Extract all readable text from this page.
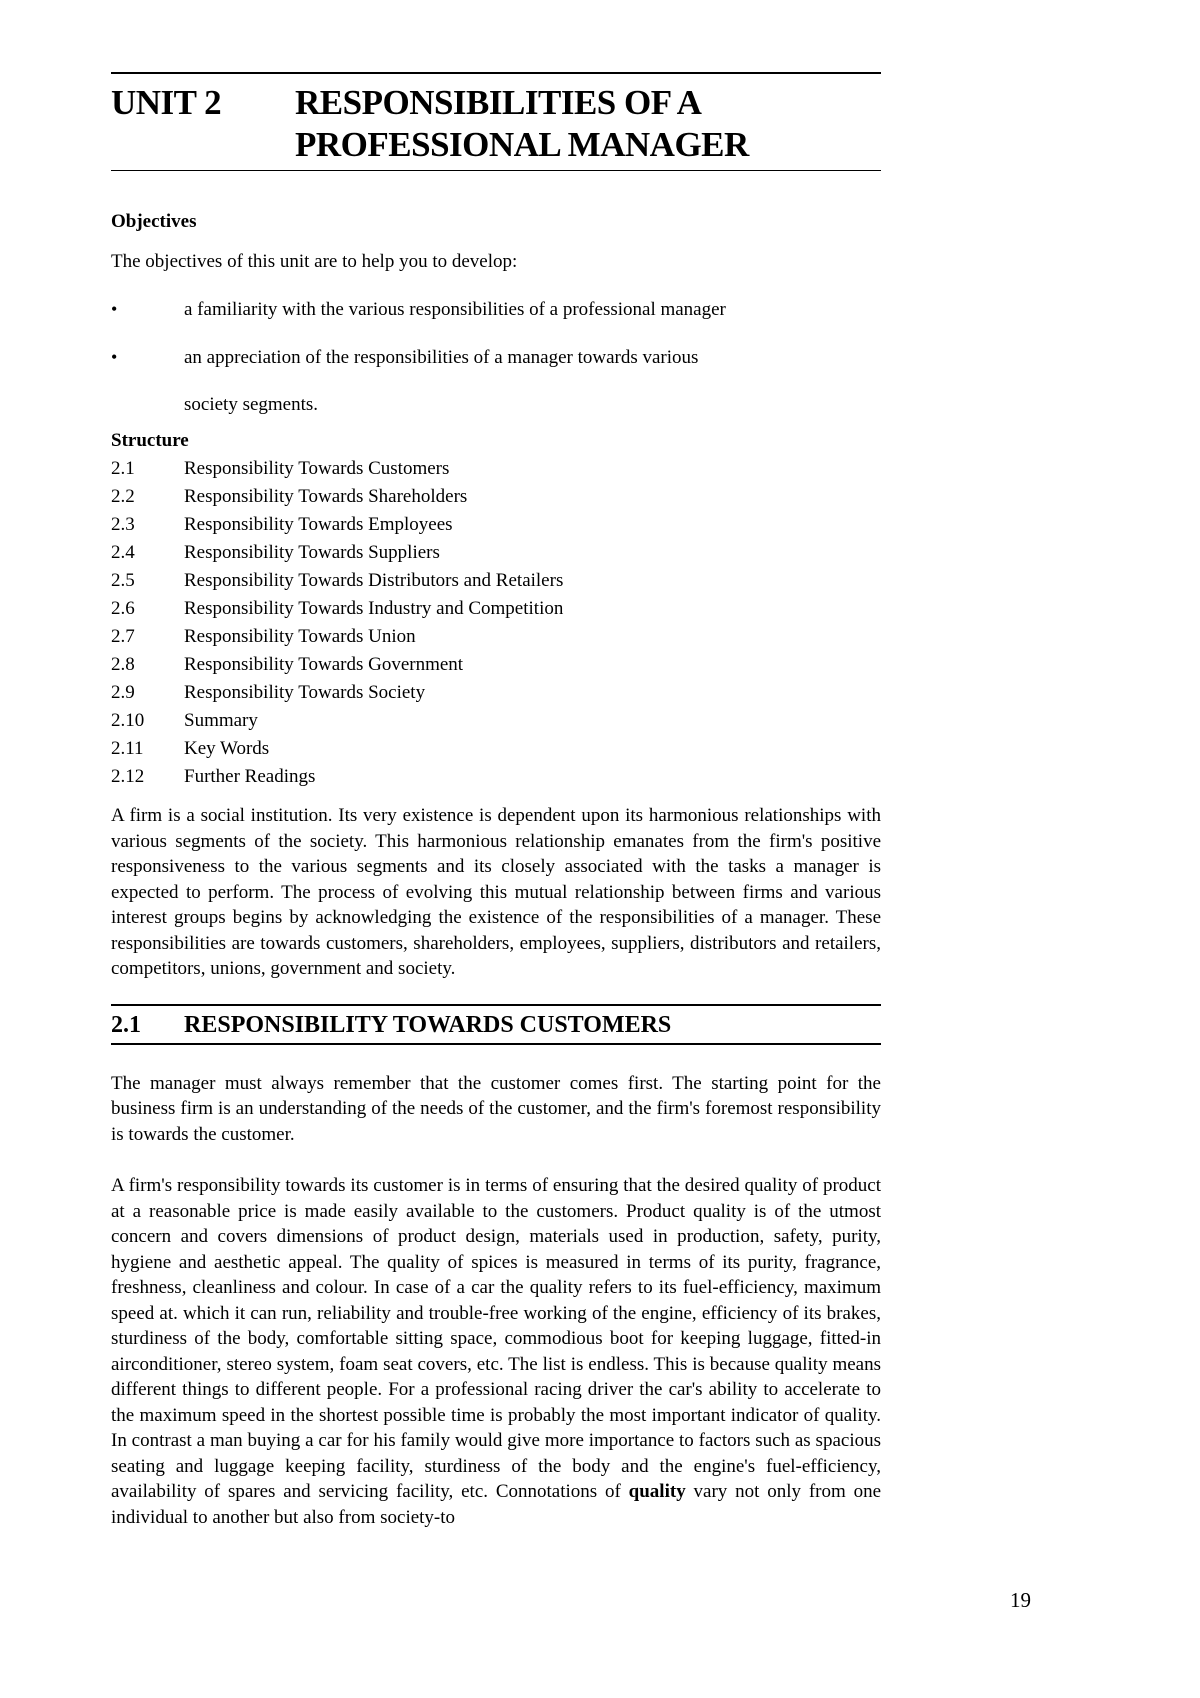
UNIT 2	RESPONSIBILITIES OF A
PROFESSIONAL MANAGER
Objectives
The objectives of this unit are to help you to develop:
•	a familiarity with the various responsibilities of a professional manager
•	an appreciation of the responsibilities of a manager towards various
society segments.
Structure
2.1	Responsibility Towards Customers
2.2	Responsibility Towards Shareholders
2.3	Responsibility Towards Employees
2.4	Responsibility Towards Suppliers
2.5	Responsibility Towards Distributors and Retailers
2.6	Responsibility Towards Industry and Competition
2.7	Responsibility Towards Union
2.8	Responsibility Towards Government
2.9	Responsibility Towards Society
2.10	Summary
2.11	Key Words
2.12	Further Readings

A firm is a social institution. Its very existence is dependent upon its harmonious relationships with various segments of the society. This harmonious relationship emanates from the firm's positive responsiveness to the various segments and its closely associated with the tasks a manager is expected to perform. The process of evolving this mutual relationship between firms and various interest groups begins by acknowledging the existence of the responsibilities of a manager. These responsibilities are towards customers, shareholders, employees, suppliers, distributors and retailers, competitors, unions, government and society.

2.1	RESPONSIBILITY TOWARDS CUSTOMERS

The manager must always remember that the customer comes first. The starting point for the business firm is an understanding of the needs of the customer, and the firm's foremost responsibility is towards the customer.

A firm's responsibility towards its customer is in terms of ensuring that the desired quality of product at a reasonable price is made easily available to the customers. Product quality is of the utmost concern and covers dimensions of product design, materials used in production, safety, purity, hygiene and aesthetic appeal. The quality of spices is measured in terms of its purity, fragrance, freshness, cleanliness and colour. In case of a car the quality refers to its fuel-efficiency, maximum speed at. which it can run, reliability and trouble-free working of the engine, efficiency of its brakes, sturdiness of the body, comfortable sitting space, commodious boot for keeping luggage, fitted-in airconditioner, stereo system, foam seat covers, etc. The list is endless. This is because quality means different things to different people. For a professional racing driver the car's ability to accelerate to the maximum speed in the shortest possible time is probably the most important indicator of quality. In contrast a man buying a car for his family would give more importance to factors such as spacious seating and luggage keeping facility, sturdiness of the body and the engine's fuel-efficiency, availability of spares and servicing facility, etc. Connotations of quality vary not only from one individual to another but also from society-to

19
